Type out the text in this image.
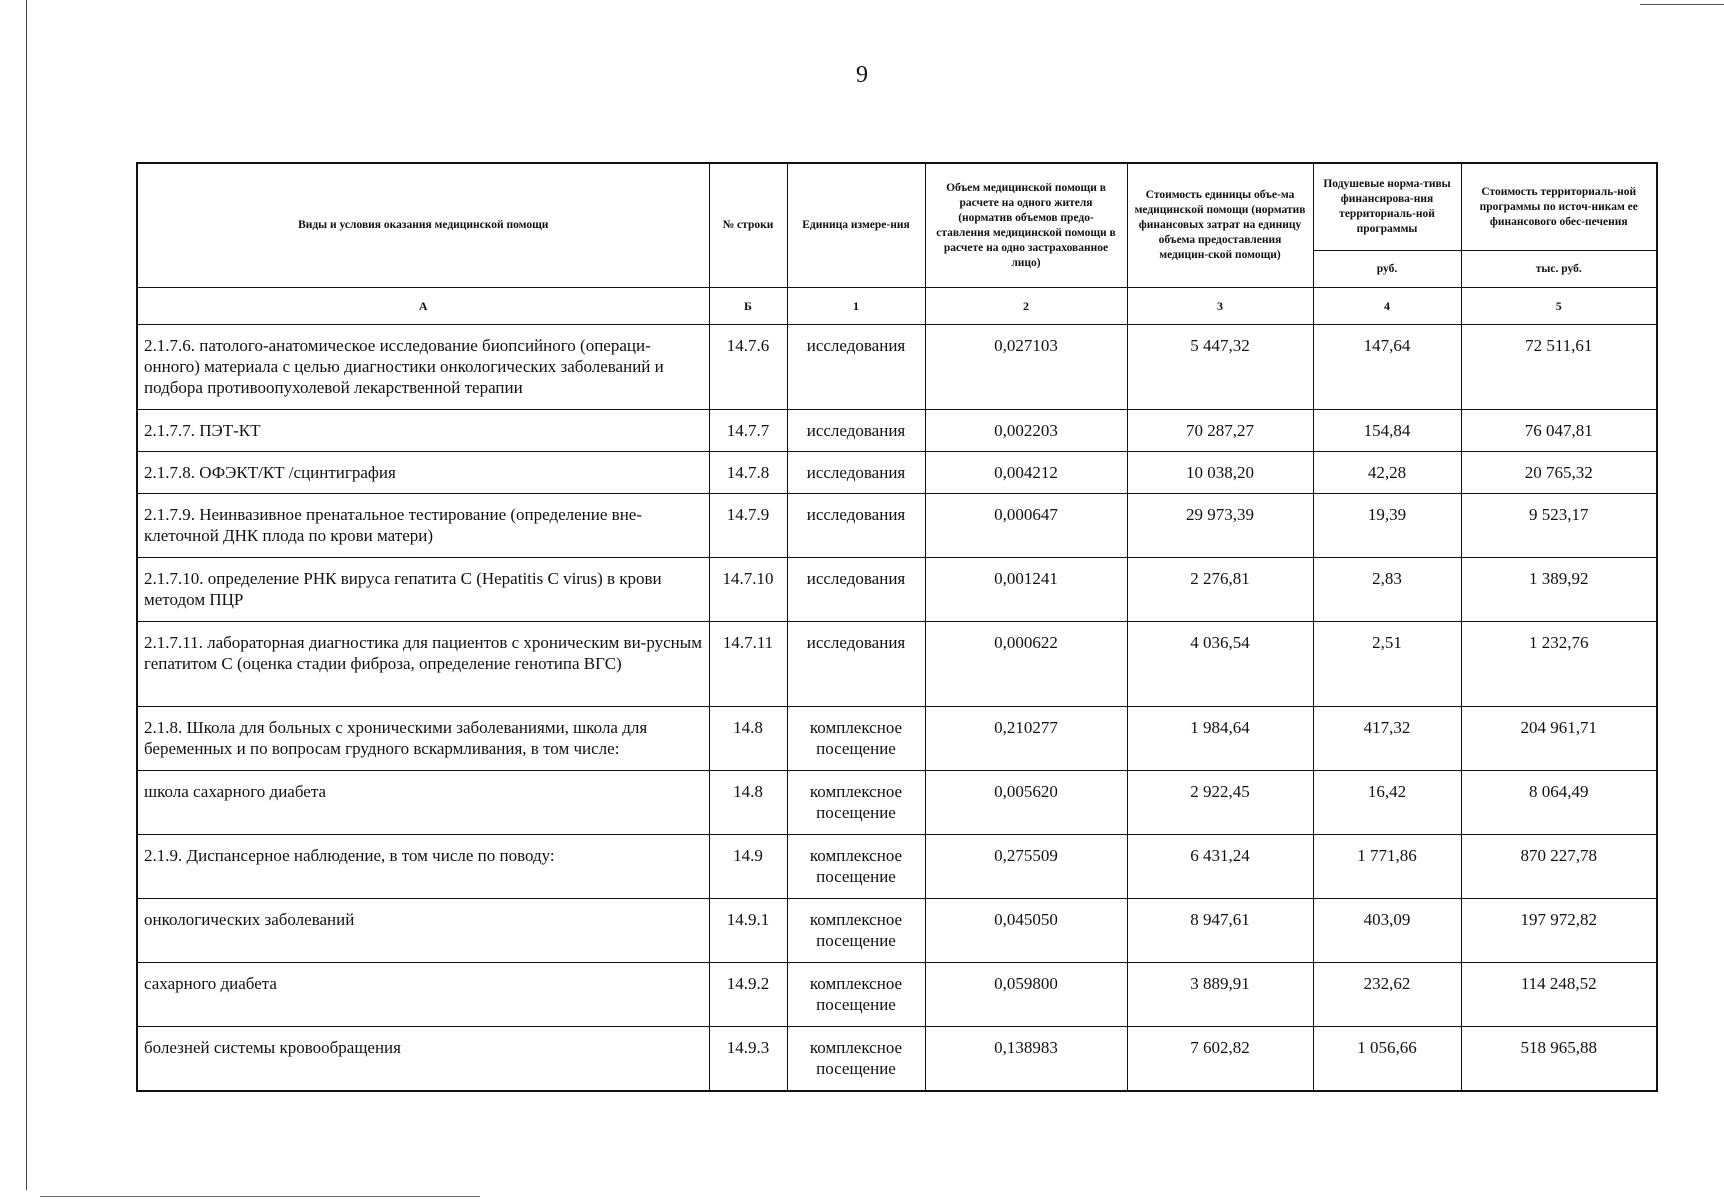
9
Виды и условия оказания медицинской помощи	№ строки	Единица измере-ния	Объем медицинской помощи в расчете на одного жителя (норматив объемов предо-ставления медицинской помощи в расчете на одно застрахованное лицо)	Стоимость единицы объе-ма медицинской помощи (норматив финансовых затрат на единицу объема предоставления медицин-ской помощи)	Подушевые норма-тивы финансирова-ния территориаль-ной программы	Стоимость территориаль-ной программы по источ-никам ее финансового обес-печения
					руб.	тыс. руб.
А	Б	1	2	3	4	5
2.1.7.6. патолого-анатомическое исследование биопсийного (операци-онного) материала с целью диагностики онкологических заболеваний и подбора противоопухолевой лекарственной терапии	14.7.6	исследования	0,027103	5 447,32	147,64	72 511,61
2.1.7.7. ПЭТ-КТ	14.7.7	исследования	0,002203	70 287,27	154,84	76 047,81
2.1.7.8. ОФЭКТ/КТ /сцинтиграфия	14.7.8	исследования	0,004212	10 038,20	42,28	20 765,32
2.1.7.9. Неинвазивное пренатальное тестирование (определение вне-клеточной ДНК плода по крови матери)	14.7.9	исследования	0,000647	29 973,39	19,39	9 523,17
2.1.7.10. определение РНК вируса гепатита С (Hepatitis C virus) в крови методом ПЦР	14.7.10	исследования	0,001241	2 276,81	2,83	1 389,92
2.1.7.11. лабораторная диагностика для пациентов с хроническим ви-русным гепатитом С (оценка стадии фиброза, определение генотипа ВГС)	14.7.11	исследования	0,000622	4 036,54	2,51	1 232,76
2.1.8. Школа для больных с хроническими заболеваниями, школа для беременных и по вопросам грудного вскармливания, в том числе:	14.8	комплексное посещение	0,210277	1 984,64	417,32	204 961,71
школа сахарного диабета	14.8	комплексное посещение	0,005620	2 922,45	16,42	8 064,49
2.1.9. Диспансерное наблюдение, в том числе по поводу:	14.9	комплексное посещение	0,275509	6 431,24	1 771,86	870 227,78
онкологических заболеваний	14.9.1	комплексное посещение	0,045050	8 947,61	403,09	197 972,82
сахарного диабета	14.9.2	комплексное посещение	0,059800	3 889,91	232,62	114 248,52
болезней системы кровообращения	14.9.3	комплексное посещение	0,138983	7 602,82	1 056,66	518 965,88
